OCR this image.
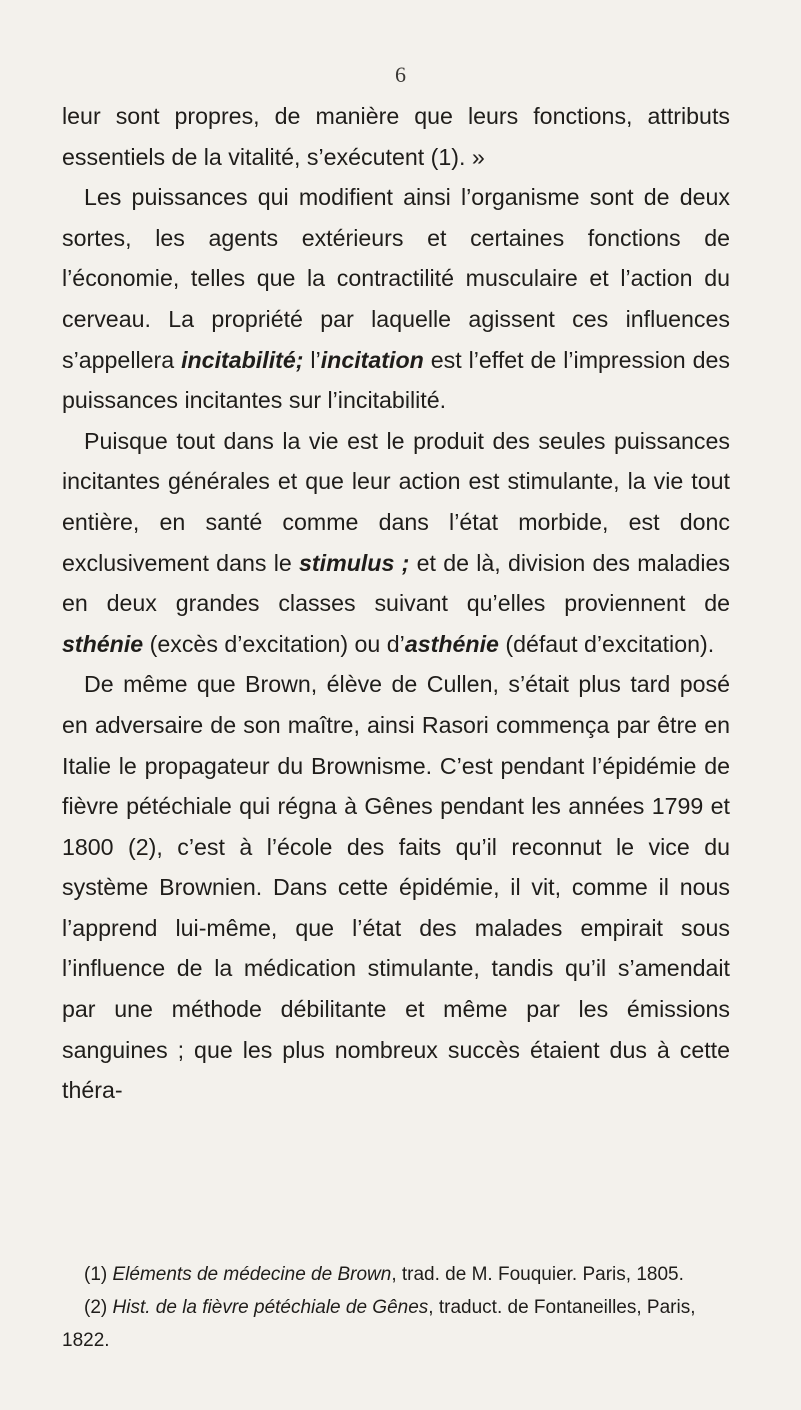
6

leur sont propres, de manière que leurs fonctions, attributs essentiels de la vitalité, s’exécutent (1). »

Les puissances qui modifient ainsi l’organisme sont de deux sortes, les agents extérieurs et certaines fonctions de l’économie, telles que la contractilité musculaire et l’action du cerveau. La propriété par laquelle agissent ces influences s’appellera incitabilité; l’incitation est l’effet de l’impression des puissances incitantes sur l’incitabilité.

Puisque tout dans la vie est le produit des seules puissances incitantes générales et que leur action est stimulante, la vie tout entière, en santé comme dans l’état morbide, est donc exclusivement dans le stimulus ; et de là, division des maladies en deux grandes classes suivant qu’elles proviennent de sthénie (excès d’excitation) ou d’asthénie (défaut d’excitation).

De même que Brown, élève de Cullen, s’était plus tard posé en adversaire de son maître, ainsi Rasori commença par être en Italie le propagateur du Brownisme. C’est pendant l’épidémie de fièvre pétéchiale qui régna à Gênes pendant les années 1799 et 1800 (2), c’est à l’école des faits qu’il reconnut le vice du système Brownien. Dans cette épidémie, il vit, comme il nous l’apprend lui-même, que l’état des malades empirait sous l’influence de la médication stimulante, tandis qu’il s’amendait par une méthode débilitante et même par les émissions sanguines ; que les plus nombreux succès étaient dus à cette théra-

(1) Eléments de médecine de Brown, trad. de M. Fouquier. Paris, 1805.

(2) Hist. de la fièvre pétéchiale de Gênes, traduct. de Fontaneilles, Paris, 1822.
